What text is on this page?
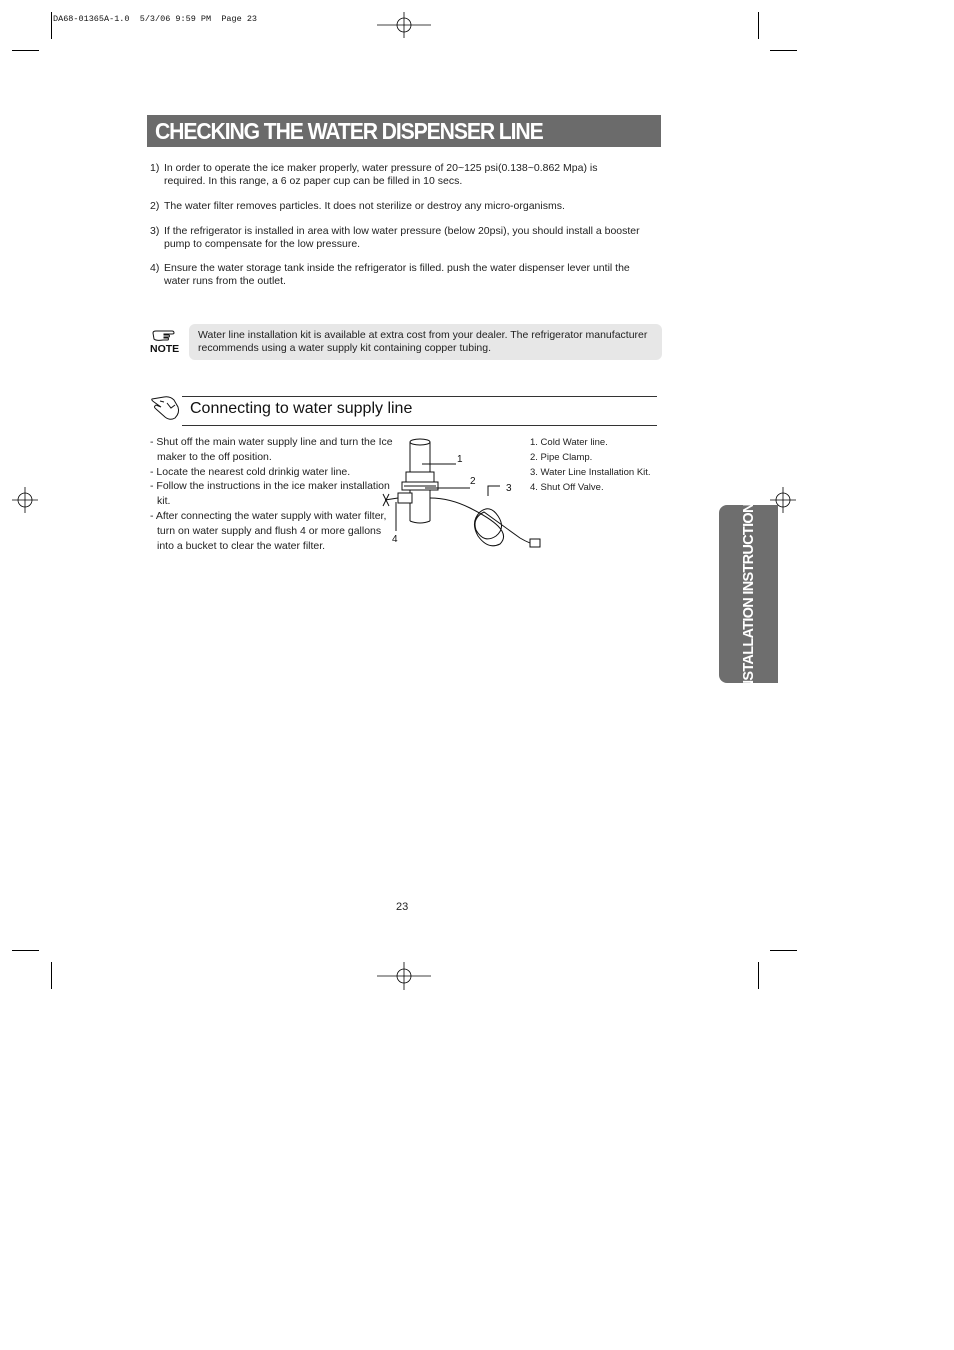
DA68-01365A-1.0  5/3/06 9:59 PM  Page 23
CHECKING THE WATER DISPENSER LINE
1) In order to operate the ice maker properly, water pressure of 20~125 psi(0.138~0.862 Mpa) is required. In this range, a 6 oz paper cup can be filled in 10 secs.
2) The water filter removes particles. It does not sterilize or destroy any micro-organisms.
3) If the refrigerator is installed in area with low water pressure (below 20psi), you should install a booster pump to compensate for the low pressure.
4) Ensure the water storage tank inside the refrigerator is filled. push the water dispenser lever until the water runs from the outlet.
NOTE
Water line installation kit is available at extra cost from your dealer. The refrigerator manufacturer recommends using a water supply kit containing copper tubing.
Connecting to water supply line
- Shut off the main water supply line and turn the Ice maker to the off position.
- Locate the nearest cold drinkig water line.
- Follow the instructions in the ice maker installation kit.
- After connecting the water supply with water filter, turn on water supply and flush 4 or more gallons into a bucket to clear the water filter.
1
2
3
4
1. Cold Water line.
2. Pipe Clamp.
3. Water Line Installation Kit.
4. Shut Off Valve.
INSTALLATION INSTRUCTIONS
23
